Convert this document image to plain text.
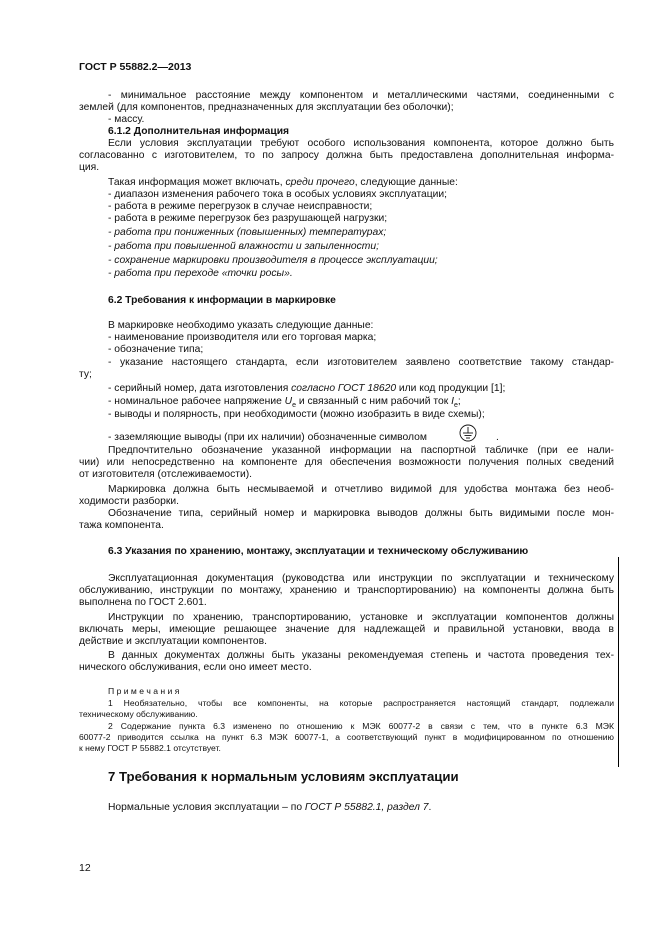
ГОСТ Р 55882.2—2013
- минимальное расстояние между компонентом и металлическими частями, соединенными с
землей (для компонентов, предназначенных для эксплуатации без оболочки);
- массу.
6.1.2 Дополнительная информация
Если условия эксплуатации требуют особого использования компонента, которое должно быть
согласованно с изготовителем, то по запросу должна быть предоставлена дополнительная информа-
ция.
Такая информация может включать, среди прочего, следующие данные:
- диапазон изменения рабочего тока в особых условиях эксплуатации;
- работа в режиме перегрузок в случае неисправности;
- работа в режиме перегрузок без разрушающей нагрузки;
- работа при пониженных (повышенных) температурах;
- работа при повышенной влажности и запыленности;
- сохранение маркировки производителя в процессе эксплуатации;
- работа при переходе «точки росы».
6.2 Требования к информации в маркировке
В маркировке необходимо указать следующие данные:
- наименование производителя или его торговая марка;
- обозначение типа;
- указание настоящего стандарта, если изготовителем заявлено соответствие такому стандар-
ту;
- серийный номер, дата изготовления согласно ГОСТ 18620 или код продукции [1];
- номинальное рабочее напряжение $U_e$ и связанный с ним рабочий ток $I_e$;
- выводы и полярность, при необходимости (можно изобразить в виде схемы);
- заземляющие выводы (при их наличии) обозначенные символом	.
Предпочтительно обозначение указанной информации на паспортной табличке (при ее нали-
чии) или непосредственно на компоненте для обеспечения возможности получения полных сведений
от изготовителя (отслеживаемости).
Маркировка должна быть несмываемой и отчетливо видимой для удобства монтажа без необ-
ходимости разборки.
Обозначение типа, серийный номер и маркировка выводов должны быть видимыми после мон-
тажа компонента.
6.3 Указания по хранению, монтажу, эксплуатации и техническому обслуживанию
Эксплуатационная документация (руководства или инструкции по эксплуатации и техническому
обслуживанию, инструкции по монтажу, хранению и транспортированию) на компоненты должна быть
выполнена по ГОСТ 2.601.
Инструкции по хранению, транспортированию, установке и эксплуатации компонентов должны
включать меры, имеющие решающее значение для надлежащей и правильной установки, ввода в
действие и эксплуатации компонентов.
В данных документах должны быть указаны рекомендуемая степень и частота проведения тех-
нического обслуживания, если оно имеет место.
П р и м е ч а н и я
1 Необязательно, чтобы все компоненты, на которые распространяется настоящий стандарт, подлежали
техническому обслуживанию.
2 Содержание пункта 6.3 изменено по отношению к МЭК 60077-2 в связи с тем, что в пункте 6.3 МЭК
60077-2 приводится ссылка на пункт 6.3 МЭК 60077-1, а соответствующий пункт в модифицированном по отношению
к нему ГОСТ Р 55882.1 отсутствует.
7 Требования к нормальным условиям эксплуатации
Нормальные условия эксплуатации – по ГОСТ Р 55882.1, раздел 7.
12
